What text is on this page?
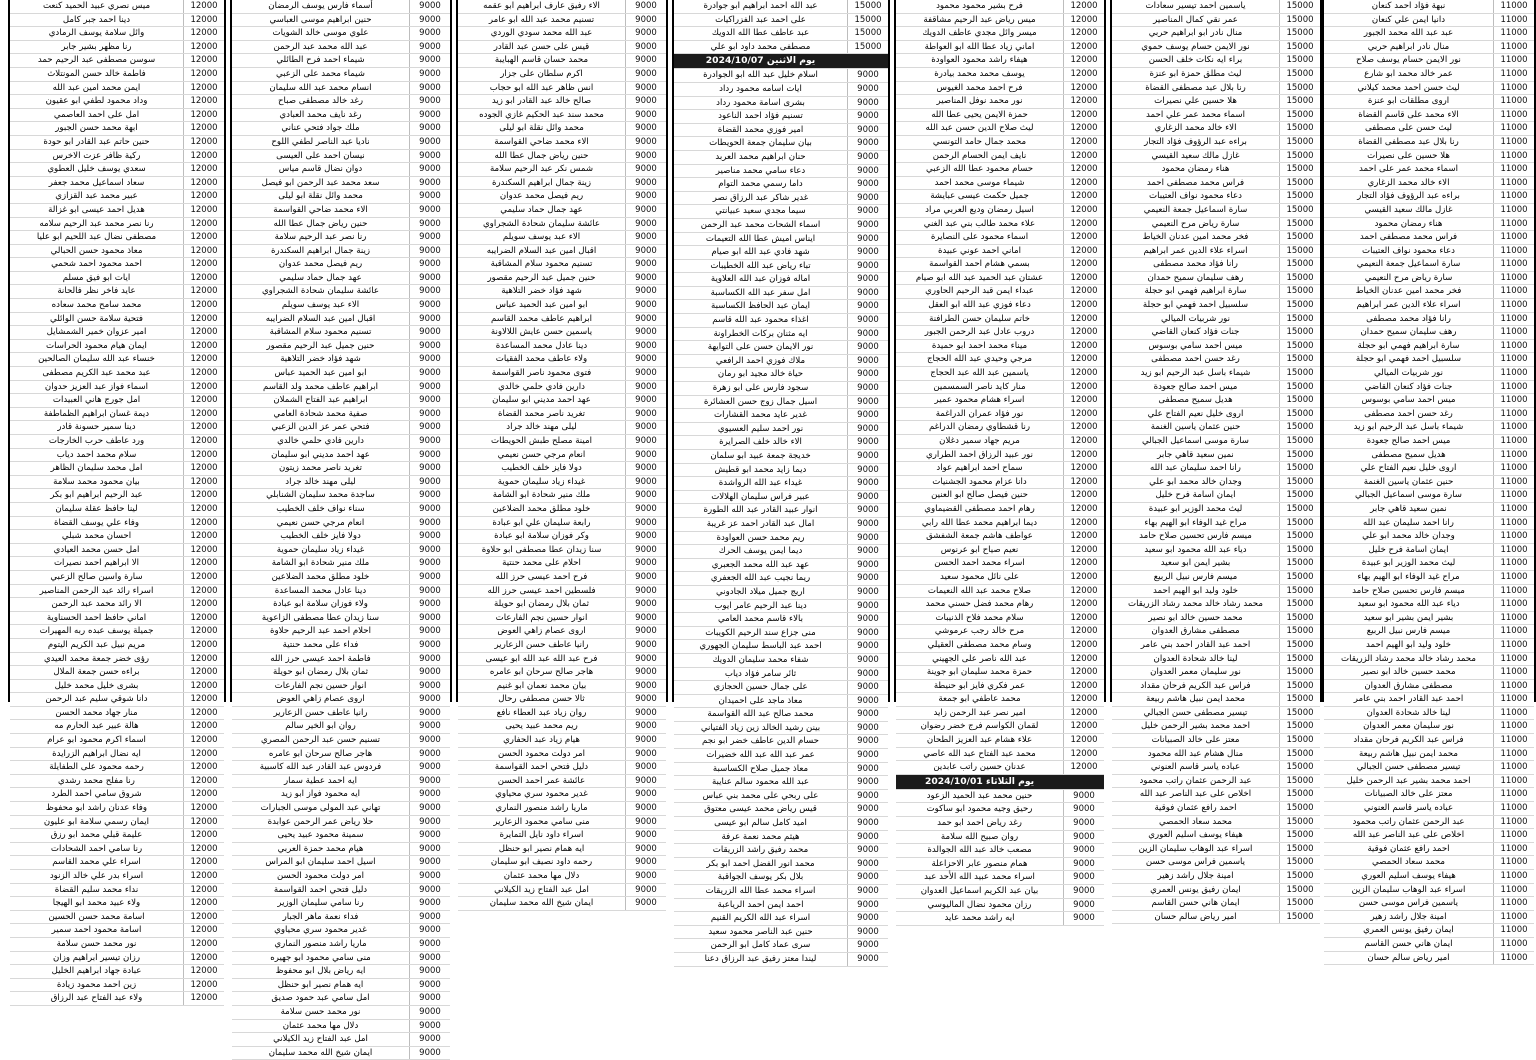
11000
نبهة فؤاد احمد كنعان
11000
دانيا ايمن علي كنعان
11000
عبد عبد الله محمد الجبور
11000
منال نادر ابراهيم حربي
11000
نور الايمن حسام يوسف صلاح
11000
عمر خالد محمد ابو شارع
11000
ليث حسن احمد محمد كيلاني
11000
اروى مطلقات ابو عنزة
11000
الاء محمد على قاسم القضاة
11000
ليث حسن على مصطفى
11000
رنا بلال عبد مصطفى القضاة
11000
هلا حسين على نصيرات
11000
اسماء محمد عمر على احمد
11000
الاء خالد محمد الزغاري
11000
براءه عبد الرؤوف فؤاد التجار
11000
غازل مالك سعيد القيسي
11000
هناء رمضان محمود
11000
فراس محمد مصطفى احمد
11000
دعاء محمود نواف العتيبات
11000
سارة اسماعيل جمعة النعيمي
11000
سارة رياض مرح النعيمي
11000
فخر محمد امين عدنان الخياط
11000
اسراء علاء الدين عمر ابراهيم
11000
رانا فؤاد محمد مصطفى
11000
رهف سليمان سميح حمدان
11000
سارة ابراهيم فهمي ابو حجلة
11000
سلسبيل احمد فهمي ابو حجلة
11000
نور شربيات الميالي
11000
جنات فؤاد كنعان القاضي
11000
ميس احمد سامي بوسوس
11000
رغد حسن احمد مصطفى
11000
شيماء باسل عبد الرحيم ابو زيد
11000
ميس احمد صالح جعودة
11000
هديل سميح مصطفى
11000
اروى خليل نعيم الفتاح علي
11000
حنين عثمان ياسين الغنمة
11000
سارة موسى اسماعيل الجبالي
11000
نمين سعيد قاهي جابر
11000
رانا احمد سليمان عبد الله
11000
وجدان خالد محمد ابو علي
11000
ايمان اسامة فرح خليل
11000
ليث محمد الوزير ابو عبيدة
11000
مراح غيد الوفاء ابو الهيم بهاء
11000
ميسم فارس تحسين صلاح حامد
11000
دياء عبد الله محمود ابو سعيد
11000
بشير ايمن بشير ابو سعيد
11000
ميسم فارس نبيل الربيع
11000
خلود وليد ابو الهيم احمد
11000
محمد رشاد خالد محمد رشاد الزريقات
11000
محمد حسين خالد ابو نصير
11000
مصطفى مشارق العدوان
11000
احمد عبد القادر احمد بني عامر
11000
لينا خالد شحادة العدوان
11000
نور سليمان معمر العدوان
11000
فراس عبد الكريم فرحان مقداد
11000
محمد ايمن نبيل هاشم ربيعة
11000
تيسير مصطفى حسن الجبالي
11000
احمد محمد بشير عبد الرحمن خليل
11000
معتز على خالد الصبيانات
11000
عباده ياسر قاسم العنوني
11000
عبد الرحمن عثمان راتب محمود
11000
اخلاص على عبد الناصر عبد الله
11000
احمد رافع عثمان فوقية
11000
محمد سعاد الحمصي
11000
هيفاء يوسف اسليم العوري
11000
اسراء عبد الوهاب سليمان الزين
11000
ياسمين فراس موسى حسن
11000
امينة جلال راشد زهير
11000
ايمان رفيق يونس العمري
11000
ايمان هاني حسن القاسم
11000
امير رياض سالم حسان
15000
ياسمين احمد تيسير سعادات
15000
عمر نقي كمال المناصير
15000
منال نادر ابو ابراهيم حربي
15000
نور الايمن حسام يوسف حموي
15000
براء ايه نكات خلف الحسن
15000
ليث مطلق حمزة ابو عنزة
15000
رنا بلال عبد مصطفى القضاة
15000
هلا حسين علي نصيرات
15000
اسماء محمد عمر علي احمد
15000
الاء خالد محمد الزغاري
15000
براءه عبد الرؤوف فؤاد التجار
15000
غازل مالك سعيد القيسي
15000
هناء رمضان محمود
15000
فراس محمد مصطفى احمد
15000
دعاء محمود نواف العتيبات
15000
سارة اسماعيل جمعة النعيمي
15000
سارة رياض مرح النعيمي
15000
فخر محمد امين عدنان الخياط
15000
اسراء علاء الدين عمر ابراهيم
15000
رانا فؤاد محمد مصطفى
15000
رهف سليمان سميح حمدان
15000
سارة ابراهيم فهمي ابو حجلة
15000
سلسبيل احمد فهمي ابو حجلة
15000
نور شربيات الميالي
15000
جنات فؤاد كنعان القاضي
15000
ميس احمد سامي بوسوس
15000
رغد حسن احمد مصطفى
15000
شيماء باسل عبد الرحيم ابو زيد
15000
ميس احمد صالح جعودة
15000
هديل سميح مصطفى
15000
اروى خليل نعيم الفتاح علي
15000
حنين عثمان ياسين الغنمة
15000
سارة موسى اسماعيل الجبالي
15000
نمين سعيد قاهي جابر
15000
رانا احمد سليمان عبد الله
15000
وجدان خالد محمد ابو علي
15000
ايمان اسامة فرح خليل
15000
ليث محمد الوزير ابو عبيدة
15000
مراح غيد الوفاء ابو الهيم بهاء
15000
ميسم فارس تحسين صلاح حامد
15000
دياء عبد الله محمود ابو سعيد
15000
بشير ايمن ابو سعيد
15000
ميسم فارس نبيل الربيع
15000
خلود وليد ابو الهيم احمد
15000
محمد رشاد خالد محمد رشاد الزريقات
15000
محمد حسين خالد ابو نصير
15000
مصطفى مشارق العدوان
15000
احمد عبد القادر احمد بني عامر
15000
لينا خالد شحادة العدوان
15000
نور سليمان معمر العدوان
15000
فراس عبد الكريم فرحان مقداد
15000
محمد ايمن نبيل هاشم ربيعة
15000
تيسير مصطفى حسن الجبالي
15000
احمد محمد بشير الرحمن خليل
15000
معتز على خالد الصبيانات
15000
منال هشام عبد الله محمود
15000
عباده ياسر قاسم العنوني
15000
عبد الرحمن عثمان راتب محمود
15000
اخلاص على عبد الناصر عبد الله
15000
احمد رافع عثمان فوقية
15000
محمد سعاد الحمصي
15000
هيفاء يوسف اسليم العوري
15000
اسراء عبد الوهاب سليمان الزين
15000
ياسمين فراس موسى حسن
15000
امينة جلال راشد زهير
15000
ايمان رفيق يونس العمري
15000
ايمان هاني حسن القاسم
15000
امير رياض سالم حسان
12000
فرح بشير محمود محمود
12000
ميس رياض عبد الرحيم مشاقفة
12000
ميسر وائل مجدي عاطف الدويك
12000
اماني زياد عطا الله ابو العواطة
12000
هيفاء راشد محمود العواودة
12000
يوسف محمد محمد بيادرة
12000
فرح احمد محمد الغيوس
12000
نور محمد نوفل المناصير
12000
حمزة الايمن يحيى عطا الله
12000
ليث صلاح الدين حسن عبد الله
12000
محمد جمال حامد التونسي
12000
نايف ايمن الحسام الرحمن
12000
حسام محمود عطا الله الزعبي
12000
شيماء موسى محمد احمد
12000
جميل حكمت عيسى عبايشة
12000
اسيل رمضان وديع العربي مراد
12000
علاء محمد طالب بني عبد الغني
12000
اسماء محمود على النصايرة
12000
اماني احمد عوني عبيدة
12000
بسمي هشام احمد القواسمة
12000
عشتان عبد الحميد عبد الله ابو صيام
12000
عبداء ايمن قبد الرحيم الحاوري
12000
دعاء فوزي عبد الله ابو العقل
12000
خاتم سليمان حسن الطرافنة
12000
دروب عادل عبد الرحمن الجبور
12000
ميناء محمد احمد ابو حميدة
12000
مرجي وحيدي عبد الله الحجاج
12000
ياسمين عبد الله عبد الحجاج
12000
منار كايد ناصر السمسمين
12000
اسراء هشام محمود عمير
12000
نور فؤاد عمران الدراغمة
12000
رنا قشطاوي رمضان الدراغم
12000
مريم جهاد سمير دغلان
12000
نور عبيد الرزاق احمد الطراري
12000
سماح احمد ابراهيم عواد
12000
دانا عزام محمود الجشنيات
12000
حنين فيصل صالح ابو العنين
12000
رهام احمد مصطفى القضيماوي
12000
ديما ابراهيم محمد عطا الله رابي
12000
عواطف هاشم جمعة الشفشق
12000
نعيم صياح ابو عرنوس
12000
اسراء محمد احمد الحسن
12000
على نائل محمود سعيد
12000
صلاح محمد عبد الله النعيمات
12000
رهام محمد فضل حسني محمد
12000
سلام محمد فلاح الذنيبات
12000
مرح خالد رجب عرموشي
12000
وسام محمد مصطفى العقيلي
12000
عبد الله ناصر على الجهيني
12000
حمزة محمد سليمان ابو جوينة
12000
عمر فكري فايز ابو حنيطة
12000
محمد عاطفي ابو جمعة
12000
امير نصر عبد الرحمن زايد
12000
لقمان الكواسم فرج خضر رضوان
12000
علاء هشام عبد العزيز الطحان
12000
محمد عبد الفتاح عبد الله عاصي
12000
عدنان حسين راتب عابدين
يوم الثلاثاء 2024/10/01
9000
حنين محمد عبد الحميد الزعود
9000
رحيق وجيه محمود ابو ساكوت
9000
رغد رياض احمد ابو حمد
9000
روان صبيح الله سلامة
9000
مصعب خالد عبد الله الجوالدة
9000
همام منصور عابر الاحزاعلة
9000
اسراء محمد عبيد الله الأحد عبد
9000
بيان عبد الكريم اسماعيل العدوان
9000
رزان محمود نضال الماليوسي
9000
ايه راشد محمد عايد
15000
عبد الله احمد ابراهيم ابو جوادرة
15000
على احمد عبد الفزراكيات
15000
عبد عاطف عطا الله الدويك
15000
مصطفى محمد داود ابو علي
يوم الاثنين 2024/10/07
9000
اسلام خليل عبد الله ابو الجوادرة
9000
ايات اسامه محمود رداد
9000
بشرى اسامة محمود رداد
9000
تسنيم فؤاد احمد الناعود
9000
امير فوزي محمد القضاة
9000
بيان سليمان جمعة الحويطات
9000
حنان ابراهيم محمد العربد
9000
دعاء سامي محمد مناصير
9000
داما رسمي محمد التوام
9000
غدير شاكر عبد الرزاق نصر
9000
سيما مجدي سعيد عبيانتي
9000
اسماء الشحات محمد عبد الرحمن
9000
ايناس اميش عطا الله التعيمات
9000
شهد فادي عبد الله ابو صيام
9000
تباء رياض عبد الله الخطيبات
9000
اماله فوزان عبد الله العلاوية
9000
امل سفر عبد الله الكساسبة
9000
ايمان عبد الحافظ الكساسبة
9000
اغذاء محمود عبد الله قاسم
9000
ايه مثنان بركات الخطراونة
9000
نور الايمان حسن على التوايهة
9000
ملاك فوزي احمد الرافعي
9000
حياة خالد مجيد ابو رمان
9000
سجود فارس على ابو زهرة
9000
اسيل جمال زوج حسن العشائرة
9000
غدير عايد محمد القشارات
9000
نور احمد سليم العسيوي
9000
الاء خالد خلف الصرايرة
9000
خديجة جمعة عبيد ابو سلمان
9000
ديما زايد محمد ابو قطيش
9000
غيداء عبد الله الرواشدة
9000
عبير فراس سليمان الهلالات
9000
انوار عبيد القادر عبد الله الطورة
9000
امال عبد القادر احمد عز غريبة
9000
ريم محمد حسن العواودة
9000
ديما ايمن يوسف الحرك
9000
عهد عبد الله محمد الجعبري
9000
ريما نجيب عبد الله الجعفري
9000
اريج جميل ميلاد الجادوني
9000
دينا عبد الرحيم عامر ايوب
9000
بالاء قاسم محمد العامي
9000
منى جزاع سند الرحيم الكويبات
9000
احمد عبد الباسط سليمان الجهوري
9000
شفاء محمد سليمان الدويك
9000
ثائر سامر فؤاد دياب
9000
على جمال حسين الحجازي
9000
معاذ ماجد على احميدان
9000
محمد صالح عبد الله القواسمة
9000
بينن رشيد الخالد زين زياد الفتياني
9000
حسام الدين عاطف خضر ابو نجم
9000
عمر عبد الله عبد الله خضيرات
9000
معاذ جميل صلاح الكساسبة
9000
عبد الله محمود سالم عنايبة
9000
على ربحي على محمد بني عباس
9000
قيس رياض محمد عيسى معتوق
9000
اميد كامل سالم ابو عيسى
9000
هيثم محمد نعمة عرفة
9000
محمد رفيق راشد الزريقات
9000
محمد انور الفضل احمد ابو بكر
9000
بلال بكر يوسف الجواقبة
9000
اسراء محمد عطا الله الزريقات
9000
احمد ايمن احمد الرياعبة
9000
اسراء عبد الله الكريم القنيم
9000
حنين عبد الناصر محمود سعيد
9000
سرى عماد كامل ابو الرحمن
9000
ليندا معتز رفيق عبد الرزاق دعنا
9000
الاء رفيق عارف ابراهيم ابو عقمه
9000
تسنيم محمد عبد الله ابو عامر
9000
عبد الله محمد سودي الوردي
9000
قيس على حسن عبد القادر
9000
محمد حسان قاسم الهبايبة
9000
اكرم سلطان على جزار
9000
انس ظاهر عبد الله ابو حجاب
9000
صالح خالد عبد القادر ابو زيد
9000
محمد سند عبد الحكيم غازي الجوده
9000
محمد وائل نقلة ابو ليلى
9000
الاء محمد ضاحي القواسمة
9000
حنين رياض جمال عطا الله
9000
شمس نكر عبد الرحيم سلامة
9000
زينة جمال ابراهيم السكندرة
9000
ريم فيصل محمد عدوان
9000
عهد جمال حماد سليمي
9000
عائشة سليمان شحادة الشجراوي
9000
الاء عبد يوسف سويلم
9000
اقبال امين عبد السلام الضرايبه
9000
تسنيم محمود سلام المشاقبة
9000
حنين جميل عبد الرحيم مقصور
9000
شهد فؤاد خضر التلاهية
9000
ابو امين عبد الحميد عباس
9000
ابراهيم عاطف محمد القاسم
9000
ياسمين حسن عايش اللالاونة
9000
دينا عادل محمد المساعدة
9000
ولاء عاطف محمد الفقيات
9000
فتوى محمود ناصر القواسمة
9000
دارين فادي حلمي خالدي
9000
عهد احمد مديني ابو سليمان
9000
تغريد ناصر محمد القضاة
9000
ليلى مهند خالد جراد
9000
امينة مصلح طبش الحويطات
9000
انعام مرجي حسن نعيمي
9000
دولا فايز خلف الخطيب
9000
غيداء زياد سليمان حموية
9000
ملك منير شحادة ابو الشامة
9000
خلود مطلق محمد الضلاعين
9000
رابعة سليمان علي ابو عبادة
9000
وكر فوزان سلامة ابو عبادة
9000
سنا زيدان عطا مصطفى ابو حلاوة
9000
احلام على محمد حنتية
9000
فرح احمد عيسى حرز الله
9000
فلسطين احمد عيسى حرز الله
9000
ثمان بلال رمضان ابو حويلة
9000
انوار حسين نجم الفارعات
9000
اروى عصام زاهي العوض
9000
رانيا عاطف حسن الزعارير
9000
فرح عبد الله عبد الله ابو عيسى
9000
هاجر صالح سرحان ابو عامره
9000
بيان محمد نعمان ابو غنيم
9000
ثالا حسن مصطفى رحال
9000
روان زياد عبد العطاء نافع
9000
ريم محمد عبيد يحيى
9000
هيام زياد عبد الحفاري
9000
امر دولت محمود الحسن
9000
دليل فتحي احمد القواسمة
9000
عائشة عمر احمد الحسن
9000
غدير محمود سري محياوي
9000
ماريا راشد منصور النماري
9000
منى سامي محمود الزعارير
9000
اسراء داود نايل التمايرة
9000
ايه همام نصير ابو حنظل
9000
رحمه داود نصيف ابو سليمان
9000
دلال مها محمد عثمان
9000
امل عبد الفتاح زيد الكيلاني
9000
ايمان شيخ الله محمد سليمان
9000
أسماء فارس يوسف الرمضان
9000
حنين ابراهيم موسى العباسي
9000
علوي موسى خالد الشويات
9000
عبد الله محمد عبد الرحمن
9000
شيماء احمد فرح الطائلي
9000
شيماء محمد على الزعبي
9000
انسام محمد عبد الله سليمان
9000
رغد خالد مصطفى صباح
9000
رغد نايف محمد العبادي
9000
ملك جواد فتحي عناني
9000
ناديا عبد الناصر لطفي اللوح
9000
نيسان احمد على العيسى
9000
دوان نضال قاسم مياس
9000
سعد محمد عبد الرحمن ابو فيصل
9000
محمد وائل نقلة ابو ليلى
9000
الاء محمد ضاحي القواسمة
9000
حنين رياض جمال عطا الله
9000
رنا نصر عبد الرحيم سلامة
9000
زينة جمال ابراهيم السكندرة
9000
ريم فيصل محمد عدوان
9000
عهد جمال حماد سليمي
9000
عائشة سليمان شحادة الشجراوي
9000
الاء عبد يوسف سويلم
9000
اقبال امين عبد السلام الضرايبه
9000
تسنيم محمود سلام المشاقبة
9000
حنين جميل عبد الرحيم مقصور
9000
شهد فؤاد خضر التلاهية
9000
ابو امين عبد الحميد عباس
9000
ابراهيم عاطف محمد ولد القاسم
9000
ابراهيم عبد الفتاح الشملان
9000
صفية محمد شحادة العامي
9000
فتحي عمر عز الدين الزعبي
9000
دارين فادي حلمي خالدي
9000
عهد احمد مديني ابو سليمان
9000
تغريد ناصر محمد زيتون
9000
ليلى مهند خالد جراد
9000
ساجدة محمد سليمان الشنابلي
9000
سناء نواف خلف الخطيب
9000
انعام مرجي حسن نعيمي
9000
دولا فايز خلف الخطيب
9000
غيداء زياد سليمان حموية
9000
ملك منير شحادة ابو الشامة
9000
خلود مطلق محمد الضلاعين
9000
دينا عادل محمد المساعدة
9000
ولاء فوزان سلامة ابو عبادة
9000
سنا زيدان عطا مصطفى الزاعوية
9000
احلام احمد عبد الرحيم حلاوة
9000
فداء على محمد حنتية
9000
فاطمة احمد عيسى حرز الله
9000
ثمان بلال رمضان ابو حويلة
9000
انوار حسين نجم الفارعات
9000
اروى عصام زاهي العوض
9000
رانيا عاطف حسن الزعارير
9000
روان ابو الخير سالم
9000
تسنيم حسن عبد الرحمن المصري
9000
هاجر صالح سرحان ابو عامره
9000
فردوس عبد القادر عبد الله كاسبية
9000
ايه احمد عطية سمار
9000
ايه محمود فواز ابو زيد
9000
تهاني عبد المولى موسى الجبارات
9000
حلا رياض عمر الرحمن عوابدة
9000
سمينة محمود عبيد يحيى
9000
هيام محمد حمزة العربي
9000
اسيل احمد سليمان ابو المراس
9000
امر دولت محمود الحسن
9000
دليل فتحي احمد القواسمة
9000
رنا سامي سليمان الوزير
9000
فداء نعمة ماهر الجبار
9000
غدير محمود سري محياوي
9000
ماريا راشد منصور النماري
9000
منى سامي محمود ابو جهيره
9000
ايه رياض بلال ابو محفوظ
9000
ايه همام نصير ابو حنظل
9000
امل سامي عبد حمود صديق
9000
نور محمد حسن سلامة
9000
دلال مها محمد عثمان
9000
امل عبد الفتاح زيد الكيلاني
9000
ايمان شيخ الله محمد سليمان
12000
ميس نصري عبيد الحميد كنعت
12000
دينا احمد جبر كامل
12000
وائل سلامة يوسف الرمادي
12000
رنا مظهر بشير جابر
12000
سوسن مصطفى عبد الرحيم حمد
12000
فاطمة خالد حسن المونتلاث
12000
ايمن محمد امين عبد الله
12000
وداد محمود لطفي ابو عقيون
12000
امل على احمد العاصمي
12000
ابهة محمد حسن الجبور
12000
حنين حاتم عبد القادر ابو حودة
12000
ركية ظافر عزت الاخرس
12000
سعدي يوسف خليل العطوي
12000
سعاد اسماعيل محمد جعفر
12000
عبير محمد عبد القزازي
12000
هديل احمد عيسى ابو غزالة
12000
رنا نصر محمد عبد الرحيم سلامه
12000
مصطفى نضال عبد اللحيم ابو عليا
12000
معاذ محمود حسن الحبالي
12000
احمد محمود احمد شحمي
12000
ايات ابو فيق مسلم
12000
عايد فاخر نظر فالحانة
12000
محمد سامح محمد سعاده
12000
فتحية سلامة حسن الوائلي
12000
امير عزوان خمير الشمشايل
12000
ايمان هيام محمود الحراسات
12000
خنساء عبد الله سليمان الصالحين
12000
عبد محمد عبد الكريم مصطفى
12000
اسماء فواز عبد العزيز حدوان
12000
امل جورج هاني العبيدات
12000
ديمة غسان ابراهيم الظماطفة
12000
دينا سمير حسونة قادر
12000
ورد عاطف حرب الخارجات
12000
سلام محمد احمد دياب
12000
امل محمد سليمان الظاهر
12000
بيان محمود محمد سلامة
12000
عبد الرحيم ابراهيم ابو بكر
12000
لينا حافظ عقلة سليمان
12000
وفاء علي يوسف القضاة
12000
احسان محمد شبلي
12000
امل حسن محمد العيادي
12000
الا ابراهيم احمد نصيرات
12000
سارة واسين صالح الزعبي
12000
اسراء رائد عبد الرحمن المناصير
12000
الا رائد محمد عبد الرحمن
12000
اماني حافظ احمد الحسناوية
12000
جميلة يوسف عبده ربه المهيرات
12000
مريم نبيل عبد الكريم اليتوم
12000
رؤى خضر جمعة محمد العيدي
12000
براءه حسن جمعة الملال
12000
بشرى خليل محمد خليل
12000
دانا شوقي سليم عبد الرحمن
12000
منار جهاد محمد الحسن
12000
هالة عبير عبد الحارم مه
12000
اسماء اكرم محمود ابو عرام
12000
ايه نضال ابراهيم الزرايدة
12000
رحمه محمود على الطفايلة
12000
رنا مفلح محمد رشدي
12000
شروق سامي احمد الطرد
12000
وفاء عدنان راشد ابو محفوظ
12000
ايمان رسمي سلامة ابو عليون
12000
عليمة قبلي محمد ابو رزق
12000
رنا سامي احمد الشحادات
12000
اسراء علي محمد القاسم
12000
اسراء بدر علي خالد الزنود
12000
نداء محمد سليم القضاة
12000
ولاء عبيد محمد ابو الهيجا
12000
اسامة محمد حسن الحسين
12000
اسامة محمود احمد سمير
12000
نور محمد حسن سلامة
12000
رزان تيسير ابراهيم وزان
12000
عبادة جهاد ابراهيم الخليل
12000
زين احمد محمود زيادة
12000
ولاء عبد الفتاح عبد الرزاق
